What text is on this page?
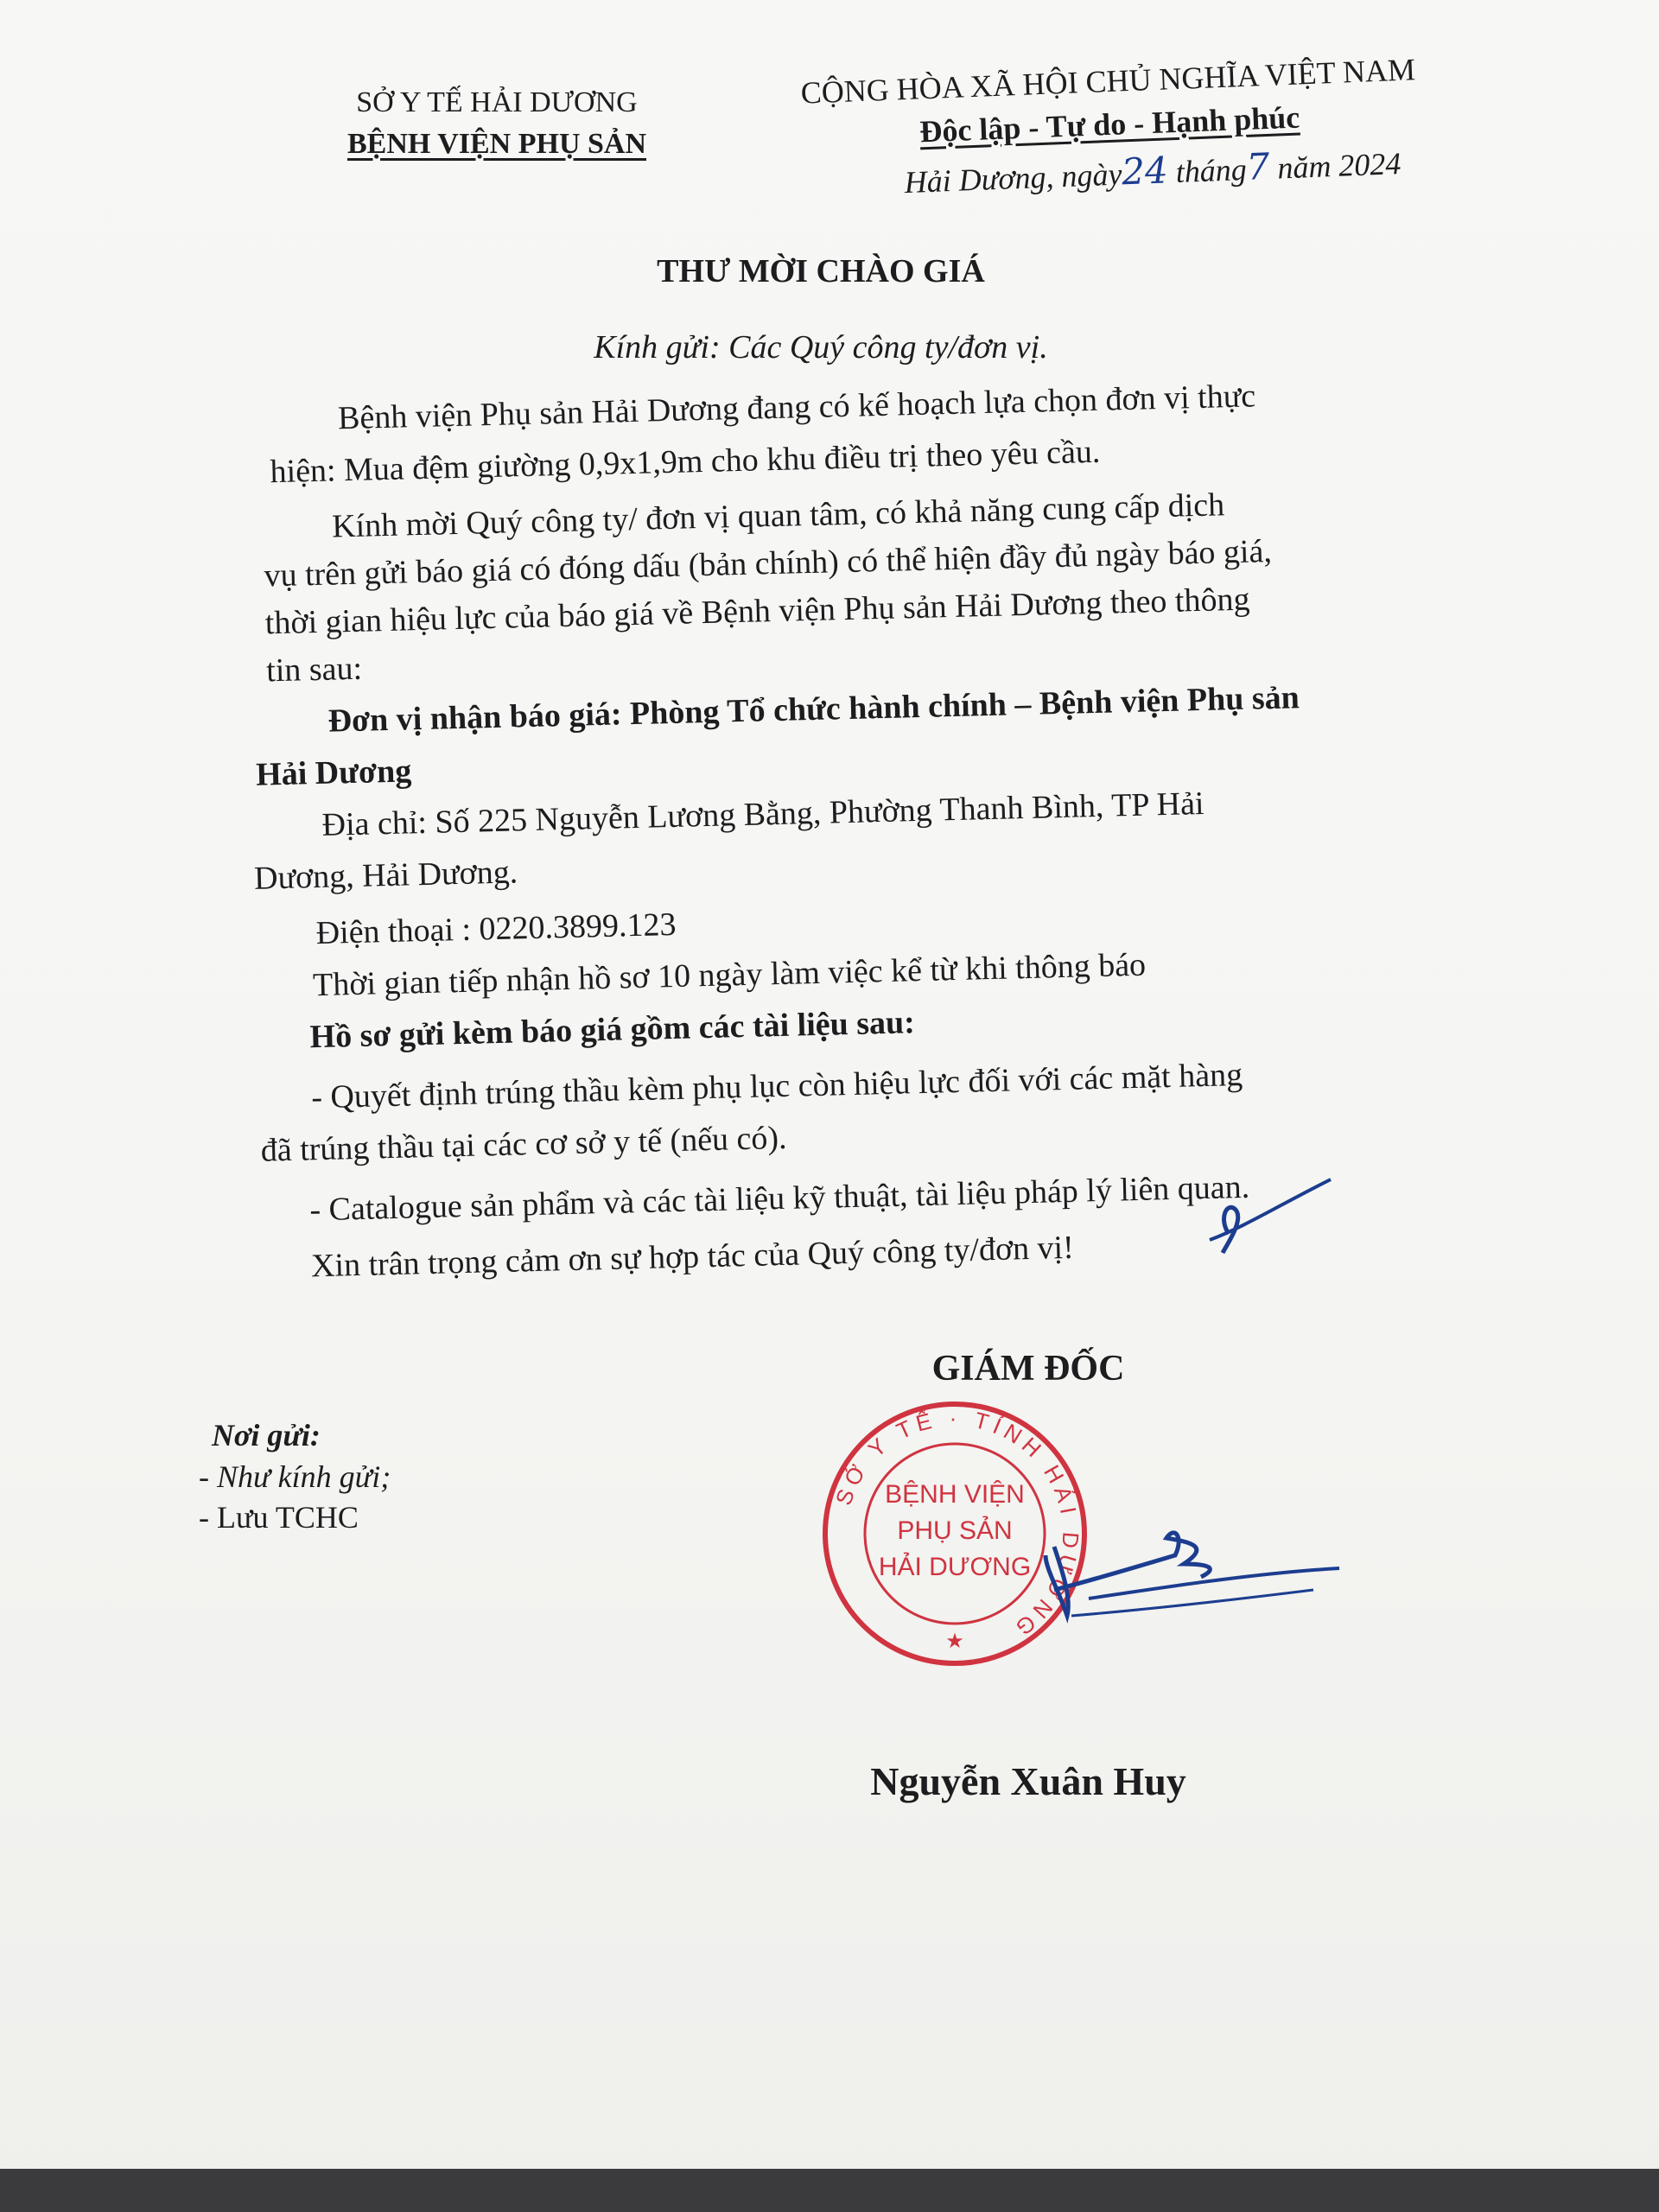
SỞ Y TẾ HẢI DƯƠNG
BỆNH VIỆN PHỤ SẢN
CỘNG HÒA XÃ HỘI CHỦ NGHĨA VIỆT NAM
Độc lập - Tự do - Hạnh phúc
Hải Dương, ngày24 tháng7 năm 2024
THƯ MỜI CHÀO GIÁ
Kính gửi: Các Quý công ty/đơn vị.
Bệnh viện Phụ sản Hải Dương đang có kế hoạch lựa chọn đơn vị thực
hiện: Mua đệm giường 0,9x1,9m cho khu điều trị theo yêu cầu.
Kính mời Quý công ty/ đơn vị quan tâm, có khả năng cung cấp dịch
vụ trên gửi báo giá có đóng dấu (bản chính) có thể hiện đầy đủ ngày báo giá,
thời gian hiệu lực của báo giá về Bệnh viện Phụ sản Hải Dương theo thông
tin sau:
Đơn vị nhận báo giá: Phòng Tổ chức hành chính – Bệnh viện Phụ sản
Hải Dương
Địa chỉ: Số 225 Nguyễn Lương Bằng, Phường Thanh Bình, TP Hải
Dương, Hải Dương.
Điện thoại : 0220.3899.123
Thời gian tiếp nhận hồ sơ 10 ngày làm việc kể từ khi thông báo
Hồ sơ gửi kèm báo giá gồm các tài liệu sau:
- Quyết định trúng thầu kèm phụ lục còn hiệu lực đối với các mặt hàng
đã trúng thầu tại các cơ sở y tế (nếu có).
- Catalogue sản phẩm và các tài liệu kỹ thuật, tài liệu pháp lý liên quan.
Xin trân trọng cảm ơn sự hợp tác của Quý công ty/đơn vị!
GIÁM ĐỐC
Nơi gửi:
- Như kính gửi;
- Lưu TCHC
SỞ Y TẾ · TỈNH HẢI DƯƠNG
★
BỆNH VIỆN
PHỤ SẢN
HẢI DƯƠNG
Nguyễn Xuân Huy
